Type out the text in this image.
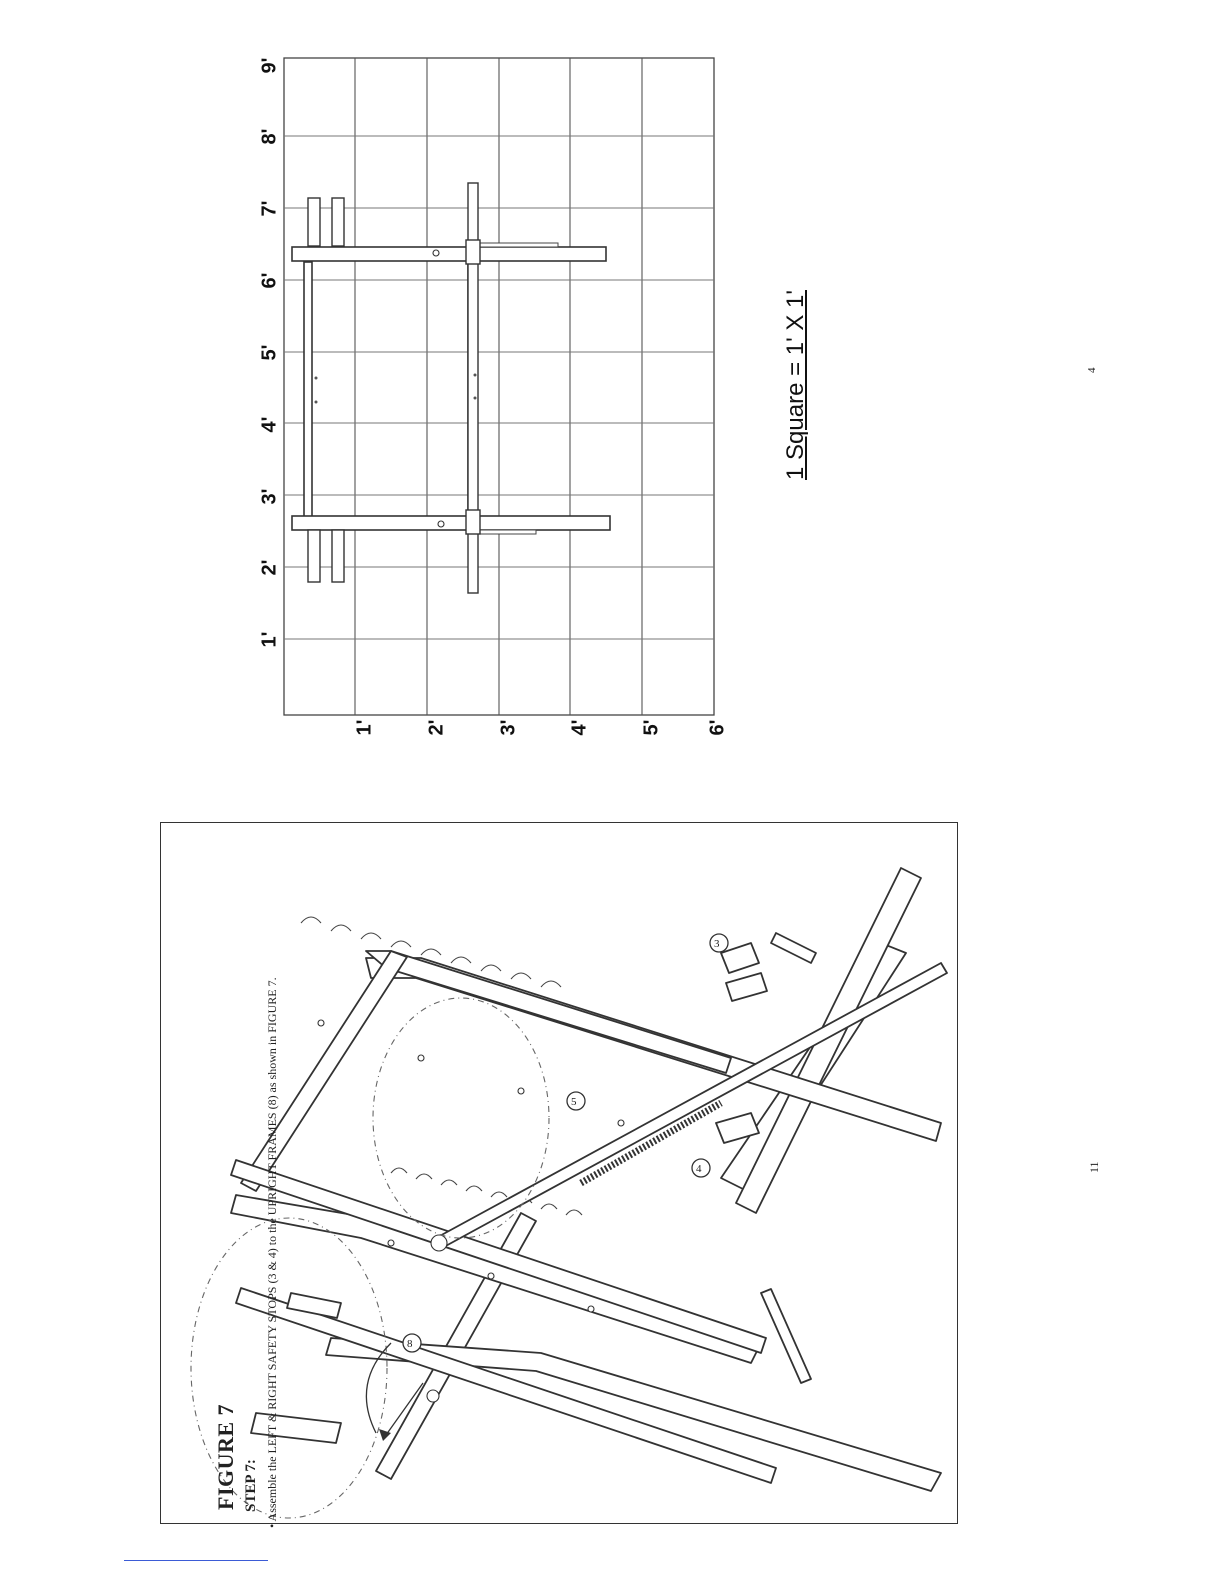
1'
2'
3'
4'
5'
6'
7'
8'
9'
1'	2'	3' 4'	5' 6'
1 Square = 1' X 1'	4
8
5
4
3
FIGURE 7 STEP 7: • Assemble the LEFT & RIGHT SAFETY STOPS (3 & 4) to the UPRIGHT FRAMES (8) as shown in FIGURE 7.	11
